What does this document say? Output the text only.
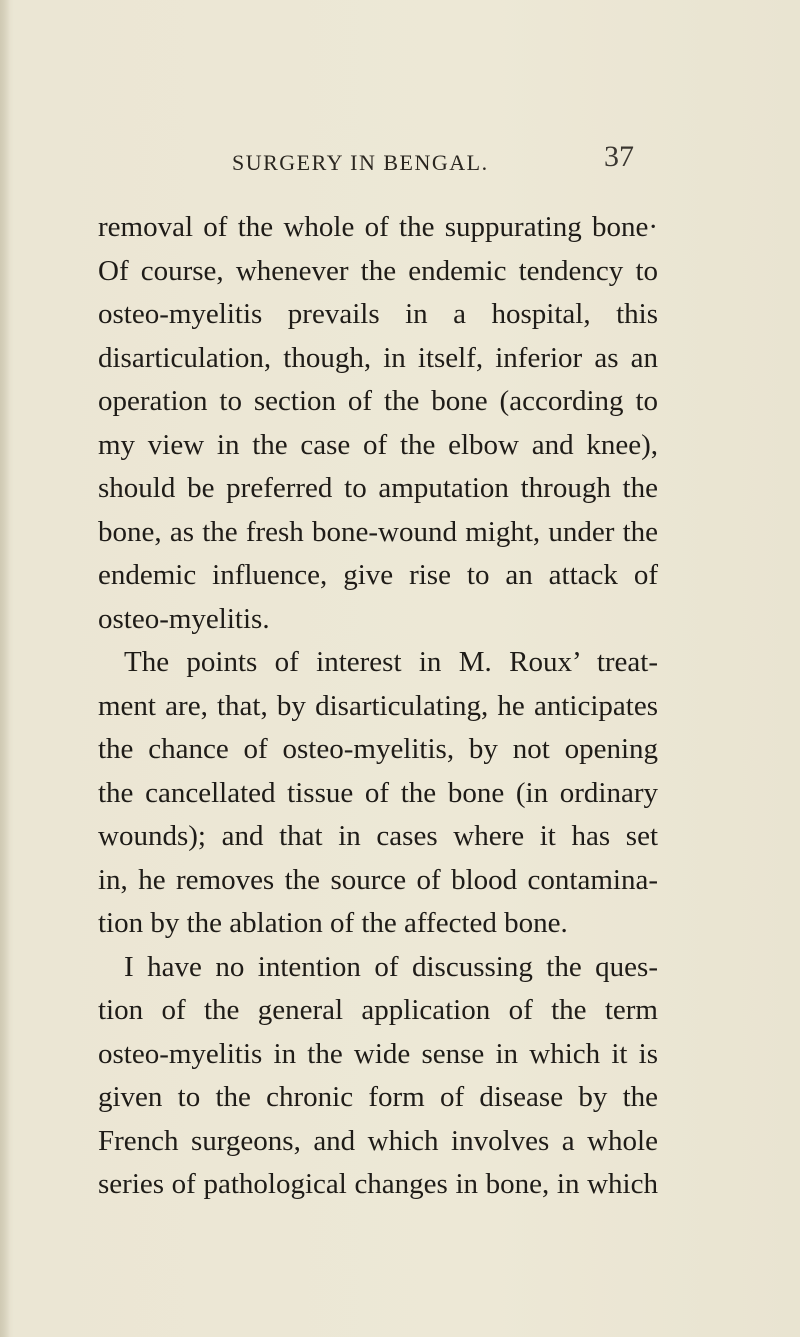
SURGERY IN BENGAL.	37
removal of the whole of the suppurating bone·
Of course, whenever the endemic tendency to
osteo-myelitis prevails in a hospital, this
disarticulation, though, in itself, inferior as an
operation to section of the bone (according to
my view in the case of the elbow and knee),
should be preferred to amputation through the
bone, as the fresh bone-wound might, under the
endemic influence, give rise to an attack of
osteo-myelitis.
The points of interest in M. Roux’ treat-
ment are, that, by disarticulating, he anticipates
the chance of osteo-myelitis, by not opening
the cancellated tissue of the bone (in ordinary
wounds); and that in cases where it has set
in, he removes the source of blood contamina-
tion by the ablation of the affected bone.
I have no intention of discussing the ques-
tion of the general application of the term
osteo-myelitis in the wide sense in which it is
given to the chronic form of disease by the
French surgeons, and which involves a whole
series of pathological changes in bone, in which
